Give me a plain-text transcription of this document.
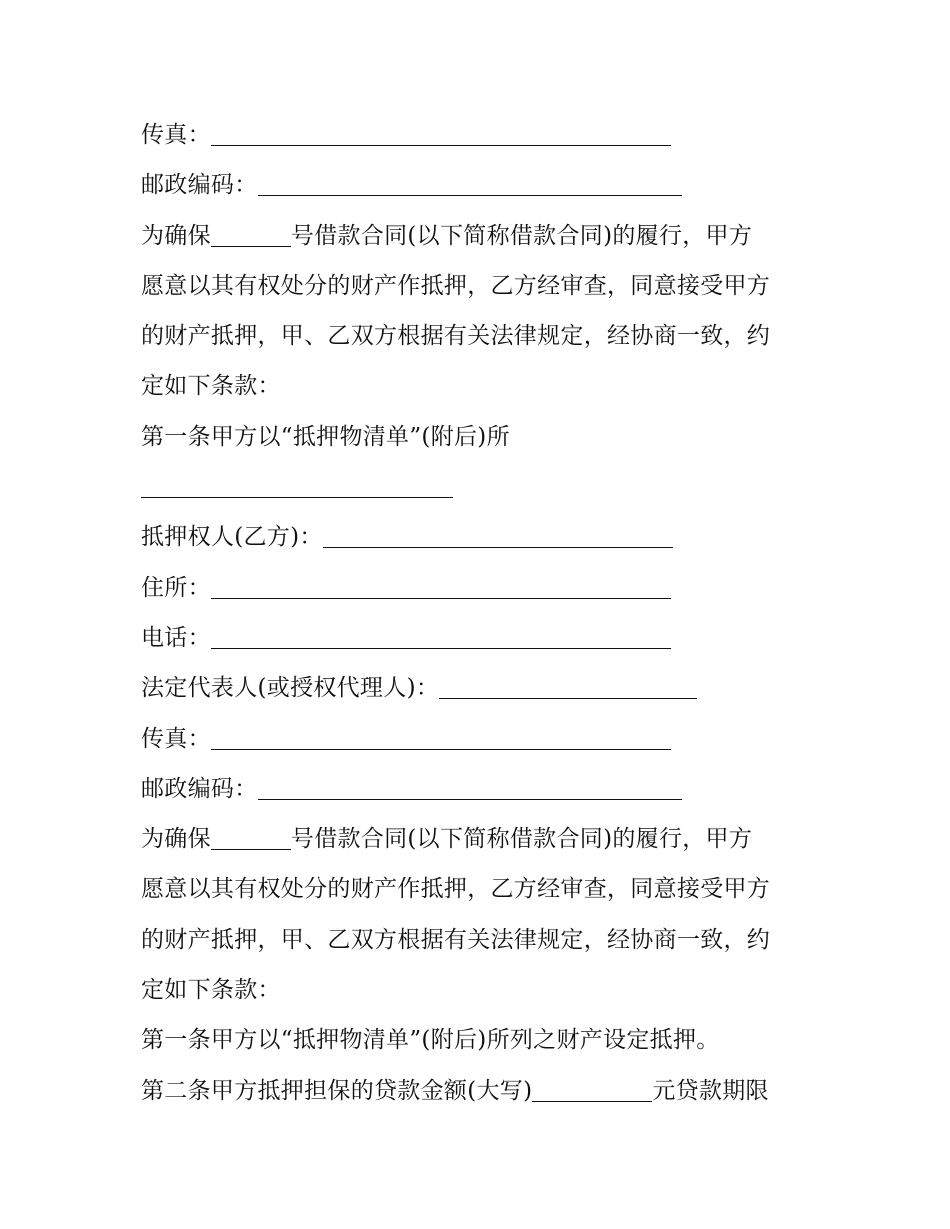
传真：
邮政编码：
为确保	号借款合同(以下简称借款合同)的履行，甲方
愿意以其有权处分的财产作抵押，乙方经审查，同意接受甲方
的财产抵押，甲、乙双方根据有关法律规定，经协商一致，约
定如下条款：
第一条甲方以“抵押物清单”(附后)所
抵押权人(乙方)：
住所：
电话：
法定代表人(或授权代理人)：
传真：
邮政编码：
为确保	号借款合同(以下简称借款合同)的履行，甲方
愿意以其有权处分的财产作抵押，乙方经审查，同意接受甲方
的财产抵押，甲、乙双方根据有关法律规定，经协商一致，约
定如下条款：
第一条甲方以“抵押物清单”(附后)所列之财产设定抵押。
第二条甲方抵押担保的贷款金额(大写)	元贷款期限
